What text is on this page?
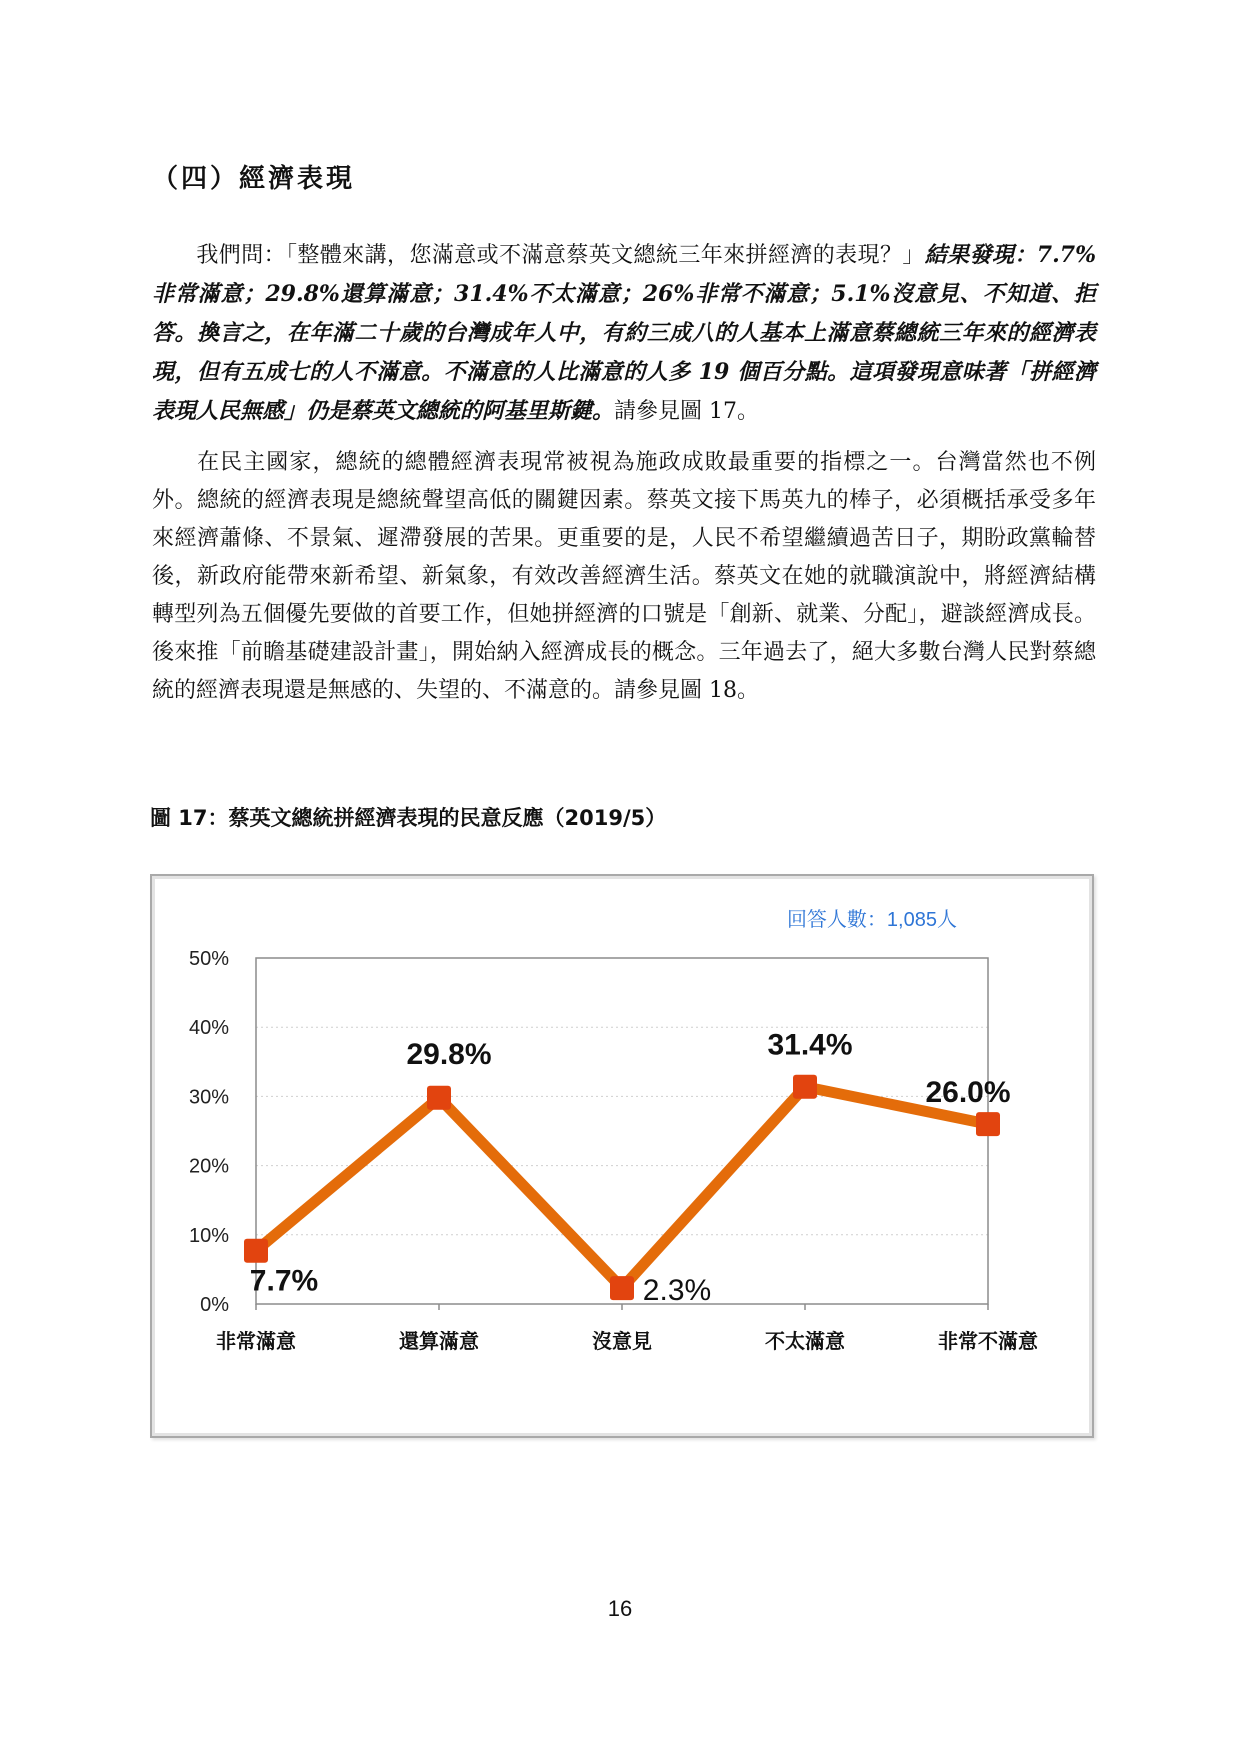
（四）經濟表現

我們問：「整體來講，您滿意或不滿意蔡英文總統三年來拼經濟的表現？」結果發現：7.7%非常滿意；29.8%還算滿意；31.4%不太滿意；26%非常不滿意；5.1%沒意見、不知道、拒答。換言之，在年滿二十歲的台灣成年人中，有約三成八的人基本上滿意蔡總統三年來的經濟表現，但有五成七的人不滿意。不滿意的人比滿意的人多 19 個百分點。這項發現意味著「拼經濟表現人民無感」仍是蔡英文總統的阿基里斯鍵。請參見圖 17。

在民主國家，總統的總體經濟表現常被視為施政成敗最重要的指標之一。台灣當然也不例外。總統的經濟表現是總統聲望高低的關鍵因素。蔡英文接下馬英九的棒子，必須概括承受多年來經濟蕭條、不景氣、遲滯發展的苦果。更重要的是，人民不希望繼續過苦日子，期盼政黨輪替後，新政府能帶來新希望、新氣象，有效改善經濟生活。蔡英文在她的就職演說中，將經濟結構轉型列為五個優先要做的首要工作，但她拼經濟的口號是「創新、就業、分配」，避談經濟成長。後來推「前瞻基礎建設計畫」，開始納入經濟成長的概念。三年過去了，絕大多數台灣人民對蔡總統的經濟表現還是無感的、失望的、不滿意的。請參見圖 18。

圖 17：蔡英文總統拼經濟表現的民意反應（2019/5）

0%
10%
20%
30%
40%
50%
非常滿意	還算滿意	沒意見	不太滿意	非常不滿意
7.7%
29.8%
2.3%
31.4%
26.0%
回答人數：1,085人
16
